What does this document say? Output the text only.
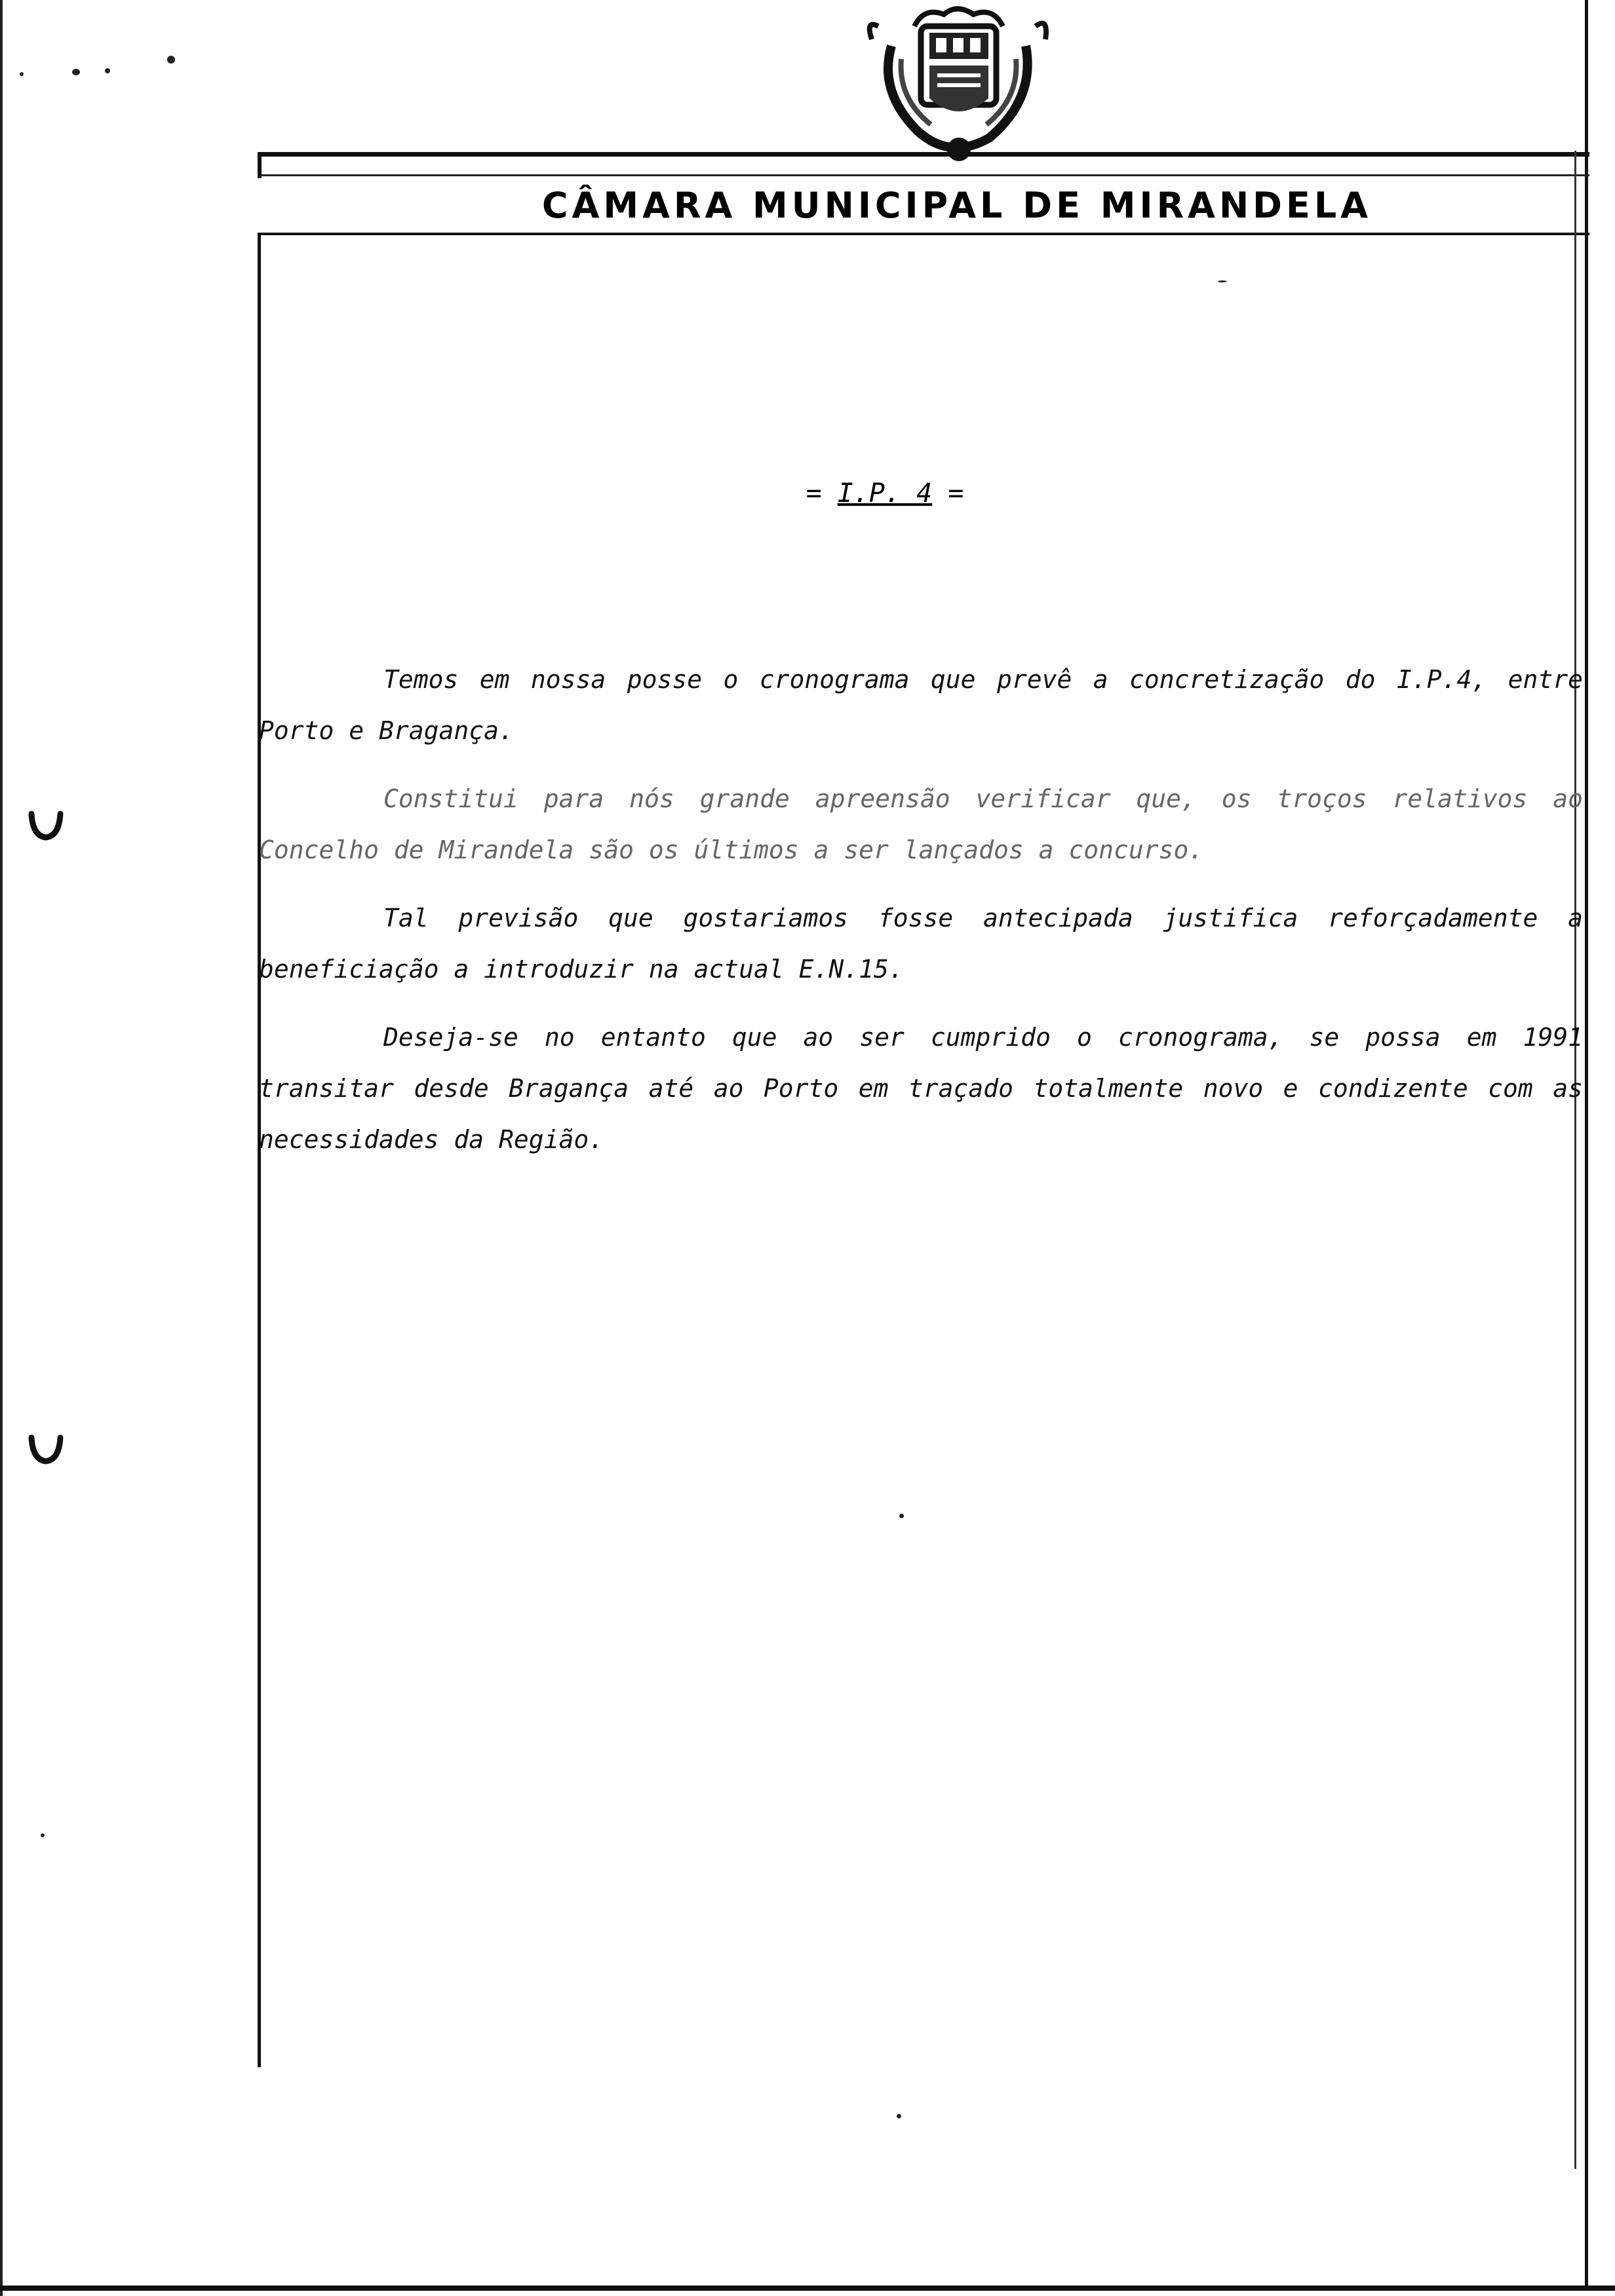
CÂMARA MUNICIPAL DE MIRANDELA
= I.P. 4 =

Temos em nossa posse o cronograma que prevê a concretização do I.P.4, entre Porto e Bragança.

Constitui para nós grande apreensão verificar que, os troços relativos ao Concelho de Mirandela são os últimos a ser lançados a concurso.

Tal previsão que gostariamos fosse antecipada justifica reforçadamente a beneficiação a introduzir na actual E.N.15.

Deseja-se no entanto que ao ser cumprido o cronograma, se possa em 1991 transitar desde Bragança até ao Porto em traçado totalmente novo e condizente com as necessidades da Região.
